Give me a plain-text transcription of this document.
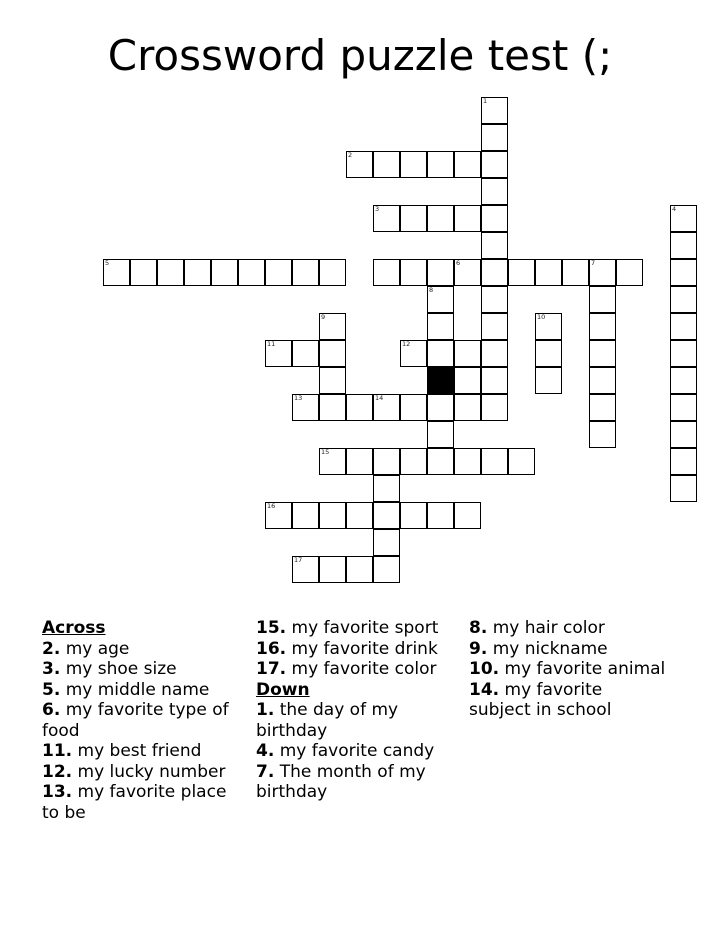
Crossword puzzle test (;
1
2
3
5	6	7
8
4
9	10
11	12
13	14
15
16
17
Across
2. my age
3. my shoe size
5. my middle name
6. my favorite type of food
11. my best friend
12. my lucky number
13. my favorite place to be
15. my favorite sport
16. my favorite drink
17. my favorite color
Down
1. the day of my birthday
4. my favorite candy
7. The month of my birthday
8. my hair color
9. my nickname
10. my favorite animal
14. my favorite subject in school
